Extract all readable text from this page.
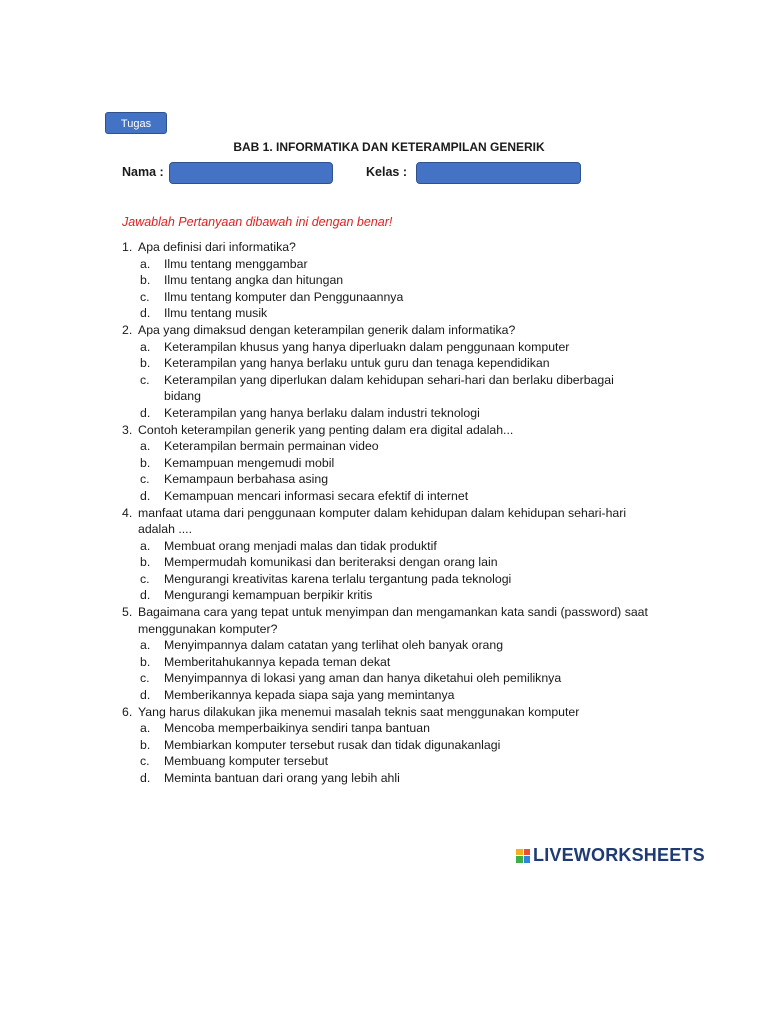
Tugas
BAB 1. INFORMATIKA DAN KETERAMPILAN GENERIK
Nama :	Kelas :
Jawablah Pertanyaan dibawah ini dengan benar!
1. Apa definisi dari informatika?
a.	Ilmu tentang menggambar
b.	Ilmu tentang angka dan hitungan
c.	Ilmu tentang komputer dan Penggunaannya
d.	Ilmu tentang musik
2. Apa yang dimaksud dengan keterampilan generik dalam informatika?
a.	Keterampilan khusus yang hanya diperluakn dalam penggunaan komputer
b.	Keterampilan yang hanya berlaku untuk guru dan tenaga kependidikan
c.	Keterampilan yang diperlukan dalam kehidupan sehari-hari dan berlaku diberbagai bidang
d.	Keterampilan yang hanya berlaku dalam industri teknologi
3. Contoh keterampilan generik yang penting dalam era digital adalah...
a.	Keterampilan bermain permainan video
b.	Kemampuan mengemudi mobil
c.	Kemampaun berbahasa asing
d.	Kemampuan mencari informasi secara efektif di internet
4. manfaat utama dari penggunaan komputer dalam kehidupan dalam kehidupan sehari-hari adalah ....
a.	Membuat orang menjadi malas dan tidak produktif
b.	Mempermudah komunikasi dan beriteraksi dengan orang lain
c.	Mengurangi kreativitas karena terlalu tergantung pada teknologi
d.	Mengurangi kemampuan berpikir kritis
5. Bagaimana cara yang tepat untuk menyimpan dan mengamankan kata sandi (password) saat menggunakan komputer?
a.	Menyimpannya dalam catatan yang terlihat oleh banyak orang
b.	Memberitahukannya kepada teman dekat
c.	Menyimpannya di lokasi yang aman dan hanya diketahui oleh pemiliknya
d.	Memberikannya kepada siapa saja yang memintanya
6. Yang harus dilakukan jika menemui masalah teknis saat menggunakan komputer
a.	Mencoba memperbaikinya sendiri tanpa bantuan
b.	Membiarkan komputer tersebut rusak dan tidak digunakanlagi
c.	Membuang komputer tersebut
d.	Meminta bantuan dari orang yang lebih ahli
LIVEWORKSHEETS
